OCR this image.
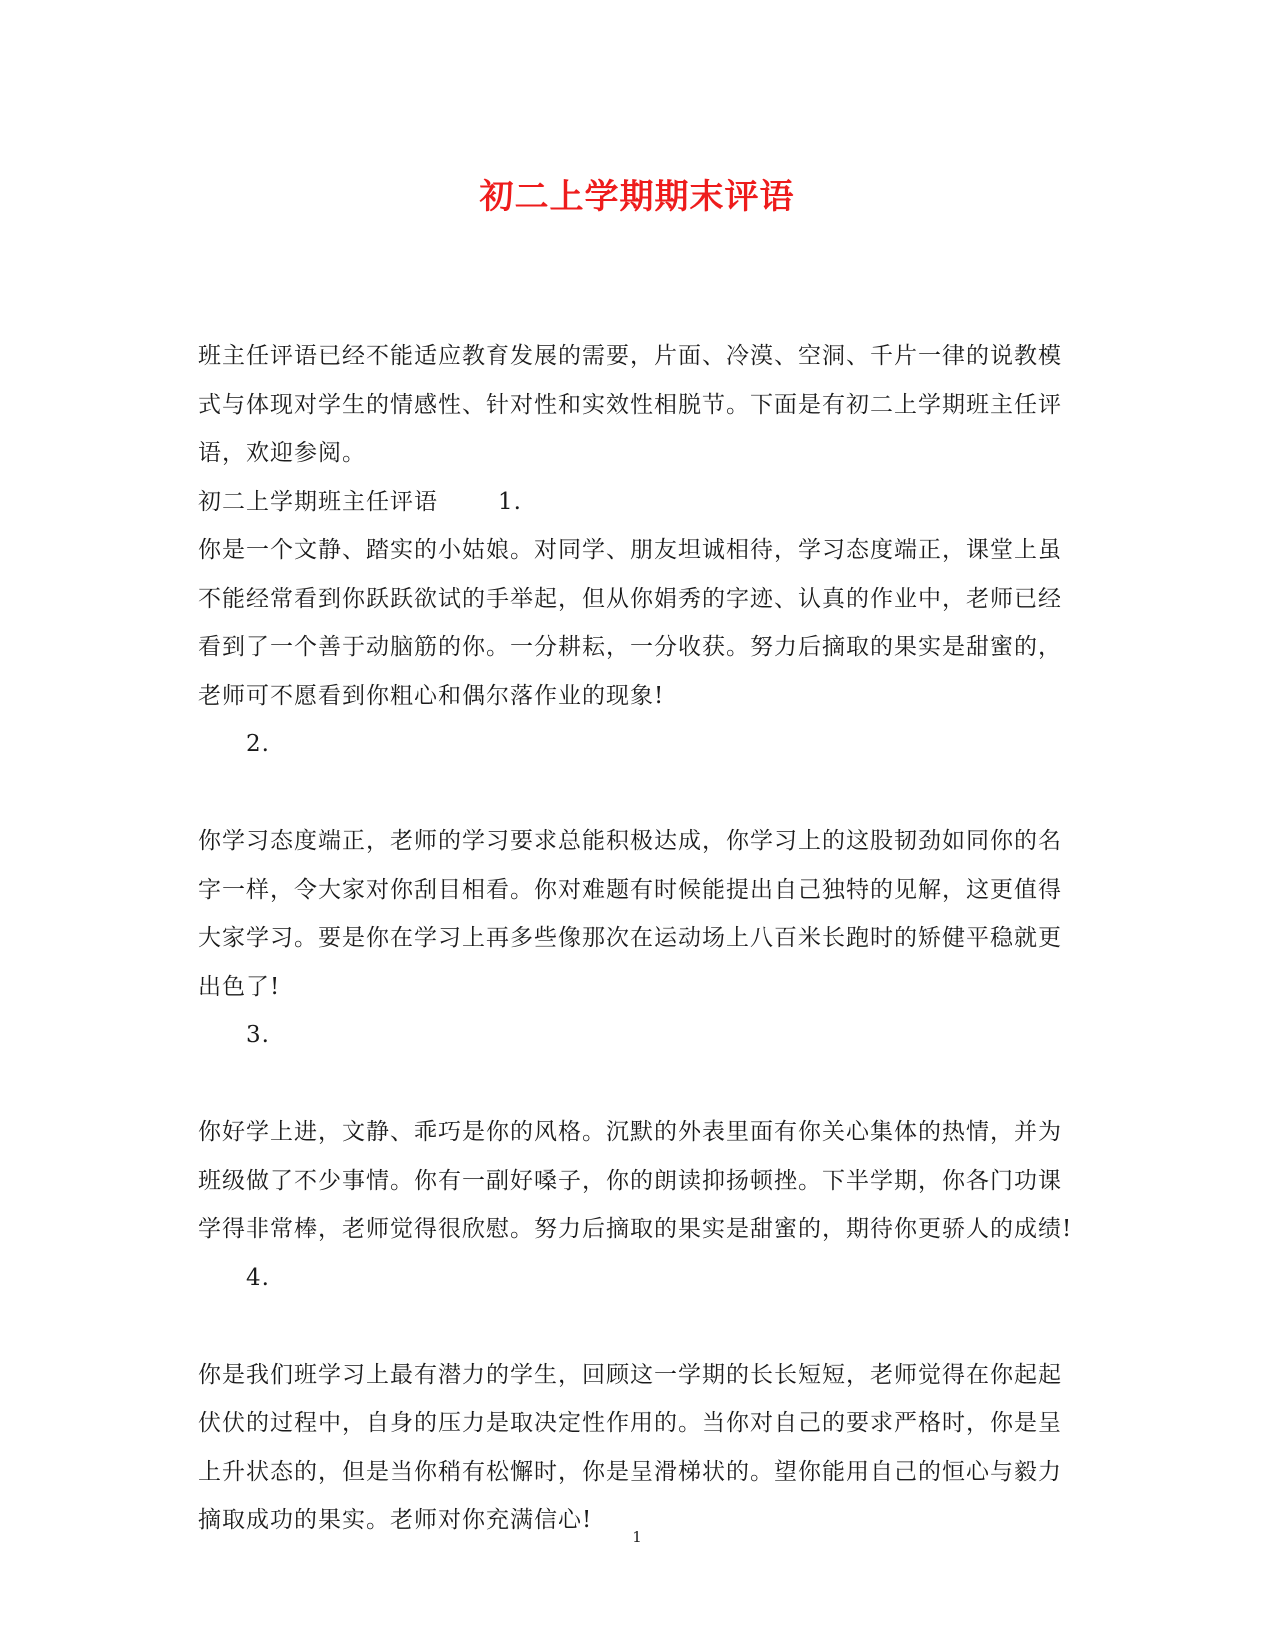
初二上学期期末评语

班主任评语已经不能适应教育发展的需要，片面、冷漠、空洞、千片一律的说教模式与体现对学生的情感性、针对性和实效性相脱节。下面是有初二上学期班主任评语，欢迎参阅。

初二上学期班主任评语	1.

你是一个文静、踏实的小姑娘。对同学、朋友坦诚相待，学习态度端正，课堂上虽不能经常看到你跃跃欲试的手举起，但从你娟秀的字迹、认真的作业中，老师已经看到了一个善于动脑筋的你。一分耕耘，一分收获。努力后摘取的果实是甜蜜的，老师可不愿看到你粗心和偶尔落作业的现象!

2.

你学习态度端正，老师的学习要求总能积极达成，你学习上的这股韧劲如同你的名字一样，令大家对你刮目相看。你对难题有时候能提出自己独特的见解，这更值得大家学习。要是你在学习上再多些像那次在运动场上八百米长跑时的矫健平稳就更出色了!

3.

你好学上进，文静、乖巧是你的风格。沉默的外表里面有你关心集体的热情，并为班级做了不少事情。你有一副好嗓子，你的朗读抑扬顿挫。下半学期，你各门功课学得非常棒，老师觉得很欣慰。努力后摘取的果实是甜蜜的，期待你更骄人的成绩!

4.

你是我们班学习上最有潜力的学生，回顾这一学期的长长短短，老师觉得在你起起伏伏的过程中，自身的压力是取决定性作用的。当你对自己的要求严格时，你是呈上升状态的，但是当你稍有松懈时，你是呈滑梯状的。望你能用自己的恒心与毅力摘取成功的果实。老师对你充满信心!

1
